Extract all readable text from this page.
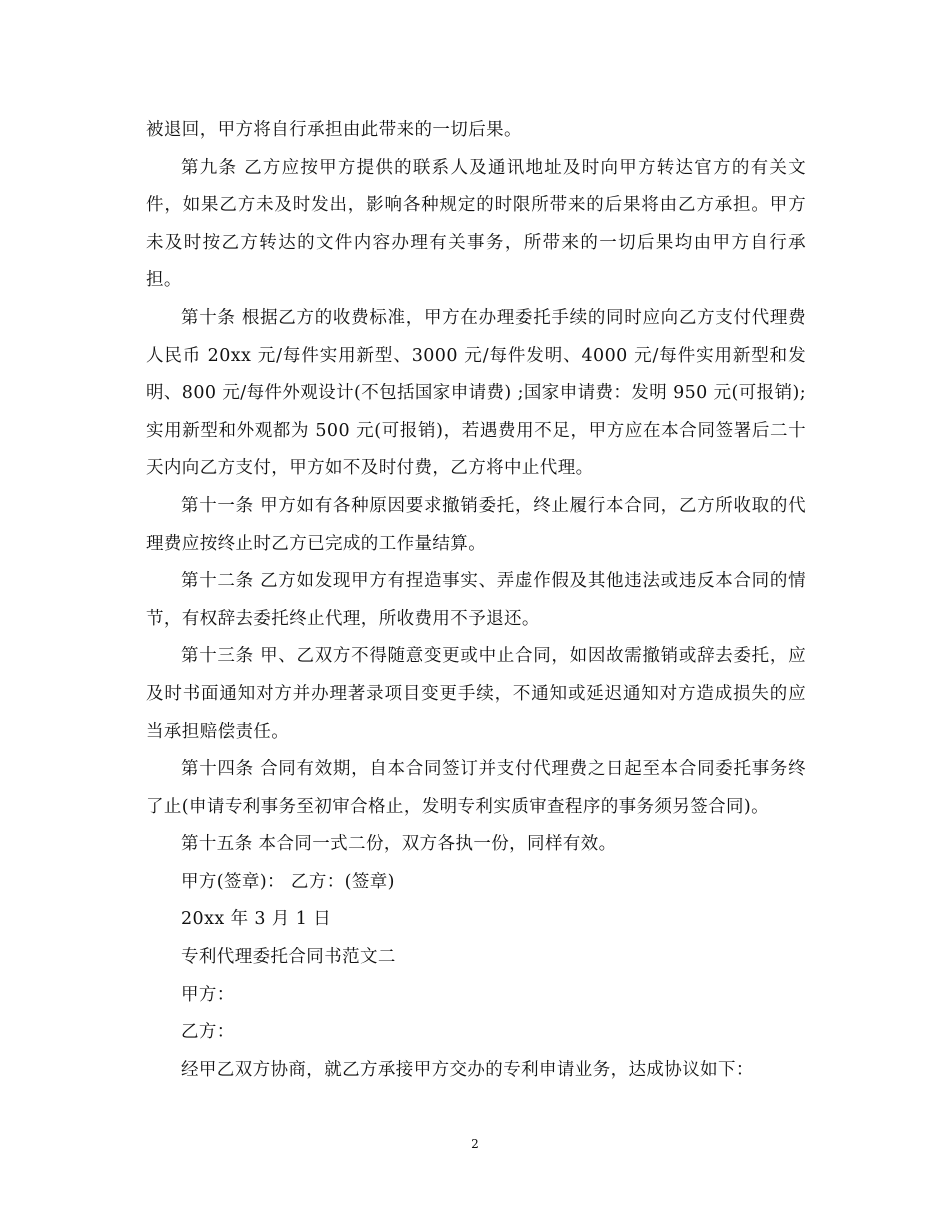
被退回，甲方将自行承担由此带来的一切后果。

第九条 乙方应按甲方提供的联系人及通讯地址及时向甲方转达官方的有关文件，如果乙方未及时发出，影响各种规定的时限所带来的后果将由乙方承担。甲方未及时按乙方转达的文件内容办理有关事务，所带来的一切后果均由甲方自行承担。

第十条 根据乙方的收费标准，甲方在办理委托手续的同时应向乙方支付代理费人民币 20xx 元/每件实用新型、3000 元/每件发明、4000 元/每件实用新型和发明、800 元/每件外观设计(不包括国家申请费) ;国家申请费：发明 950 元(可报销);实用新型和外观都为 500 元(可报销)，若遇费用不足，甲方应在本合同签署后二十天内向乙方支付，甲方如不及时付费，乙方将中止代理。

第十一条 甲方如有各种原因要求撤销委托，终止履行本合同，乙方所收取的代理费应按终止时乙方已完成的工作量结算。

第十二条 乙方如发现甲方有捏造事实、弄虚作假及其他违法或违反本合同的情节，有权辞去委托终止代理，所收费用不予退还。

第十三条 甲、乙双方不得随意变更或中止合同，如因故需撤销或辞去委托，应及时书面通知对方并办理著录项目变更手续，不通知或延迟通知对方造成损失的应当承担赔偿责任。

第十四条 合同有效期，自本合同签订并支付代理费之日起至本合同委托事务终了止(申请专利事务至初审合格止，发明专利实质审查程序的事务须另签合同)。

第十五条 本合同一式二份，双方各执一份，同样有效。

甲方(签章)： 乙方：(签章)

20xx 年 3 月 1 日

专利代理委托合同书范文二

甲方：

乙方：

经甲乙双方协商，就乙方承接甲方交办的专利申请业务，达成协议如下：

2
